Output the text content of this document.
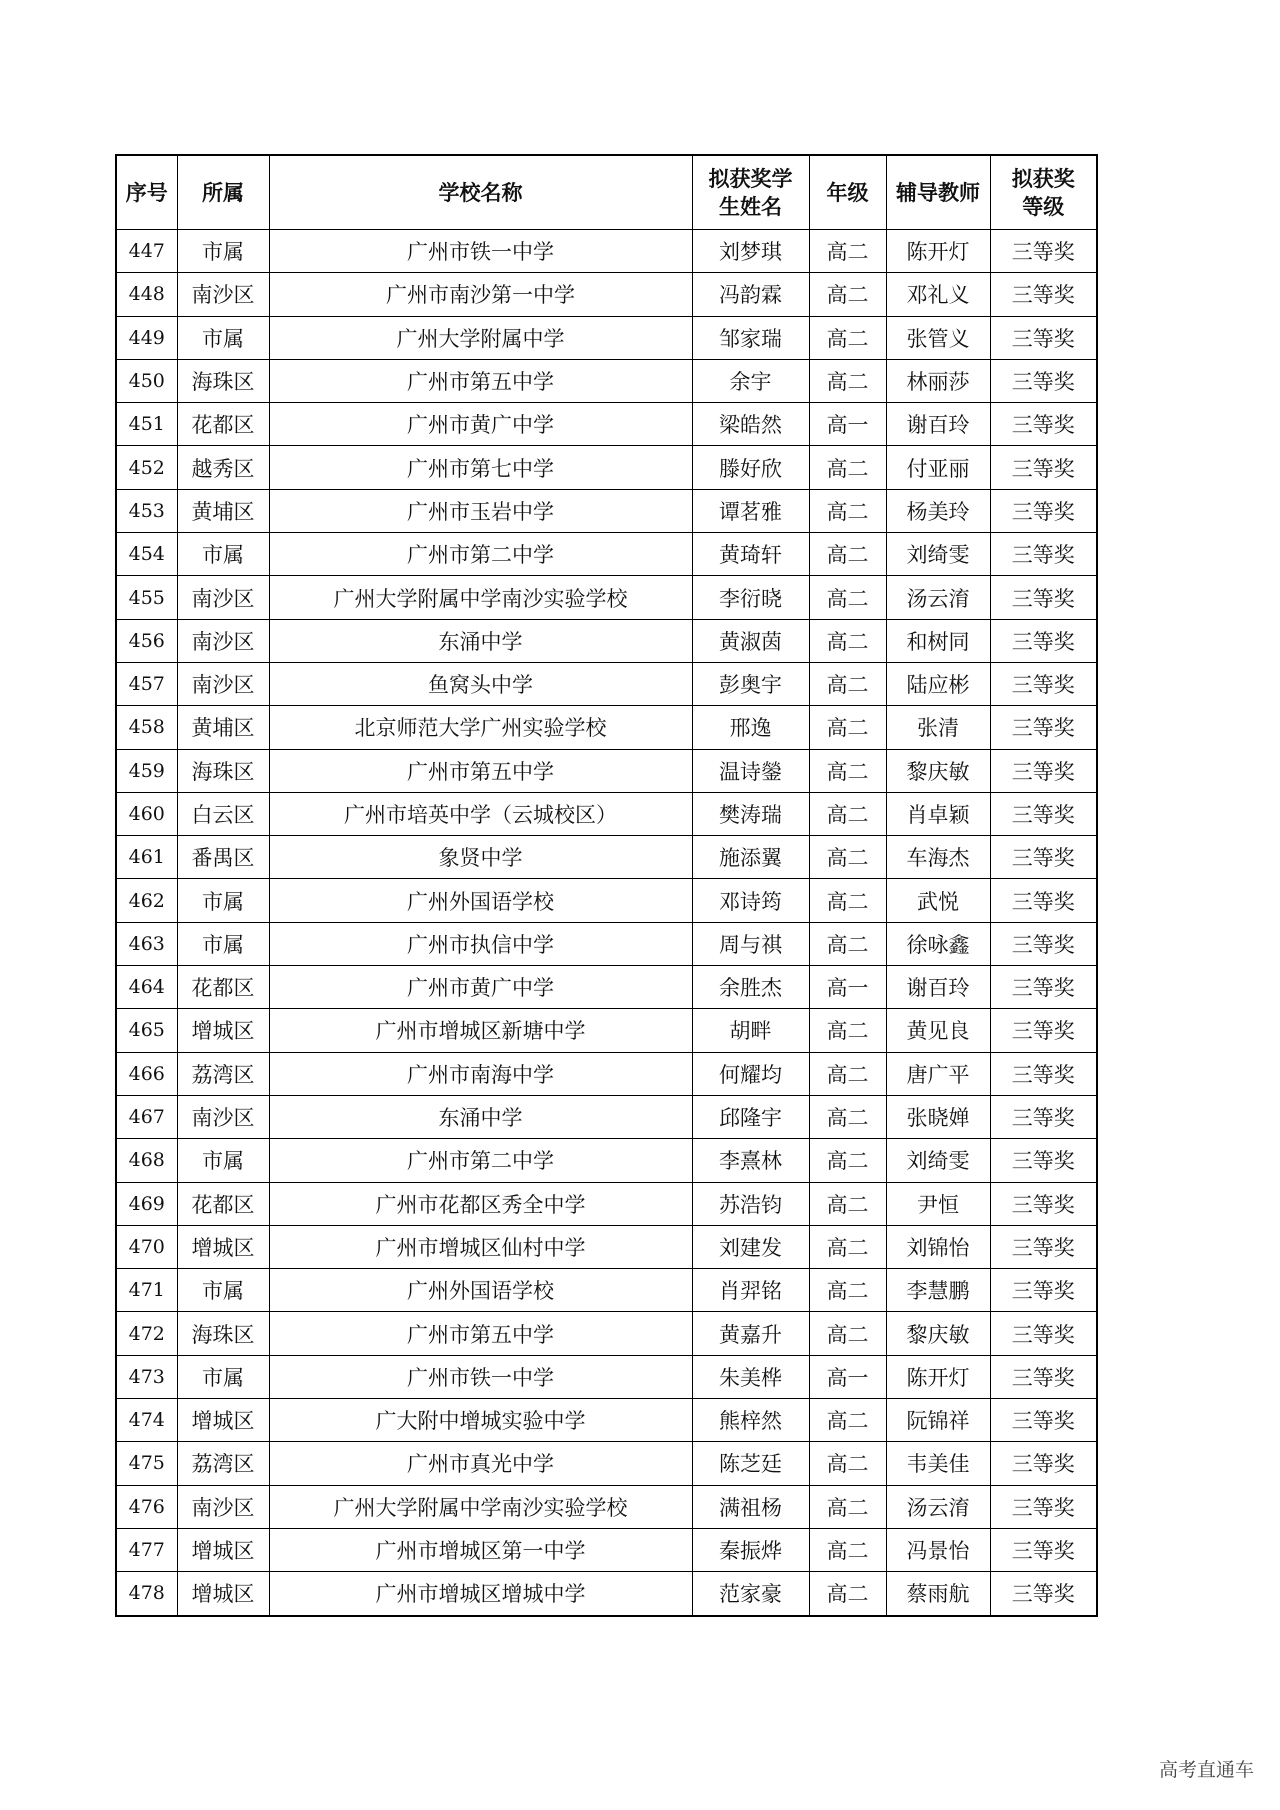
序号	所属	学校名称	拟获奖学生姓名	年级	辅导教师	拟获奖等级
447	市属	广州市铁一中学	刘梦琪	高二	陈开灯	三等奖
448	南沙区	广州市南沙第一中学	冯韵霖	高二	邓礼义	三等奖
449	市属	广州大学附属中学	邹家瑞	高二	张管义	三等奖
450	海珠区	广州市第五中学	余宇	高二	林丽莎	三等奖
451	花都区	广州市黄广中学	梁皓然	高一	谢百玲	三等奖
452	越秀区	广州市第七中学	滕好欣	高二	付亚丽	三等奖
453	黄埔区	广州市玉岩中学	谭茗雅	高二	杨美玲	三等奖
454	市属	广州市第二中学	黄琦轩	高二	刘绮雯	三等奖
455	南沙区	广州大学附属中学南沙实验学校	李衍晓	高二	汤云淯	三等奖
456	南沙区	东涌中学	黄淑茵	高二	和树同	三等奖
457	南沙区	鱼窝头中学	彭奥宇	高二	陆应彬	三等奖
458	黄埔区	北京师范大学广州实验学校	邢逸	高二	张清	三等奖
459	海珠区	广州市第五中学	温诗鎣	高二	黎庆敏	三等奖
460	白云区	广州市培英中学（云城校区）	樊涛瑞	高二	肖卓颖	三等奖
461	番禺区	象贤中学	施添翼	高二	车海杰	三等奖
462	市属	广州外国语学校	邓诗筠	高二	武悦	三等奖
463	市属	广州市执信中学	周与祺	高二	徐咏鑫	三等奖
464	花都区	广州市黄广中学	余胜杰	高一	谢百玲	三等奖
465	增城区	广州市增城区新塘中学	胡畔	高二	黄见良	三等奖
466	荔湾区	广州市南海中学	何耀均	高二	唐广平	三等奖
467	南沙区	东涌中学	邱隆宇	高二	张晓婵	三等奖
468	市属	广州市第二中学	李熹林	高二	刘绮雯	三等奖
469	花都区	广州市花都区秀全中学	苏浩钧	高二	尹恒	三等奖
470	增城区	广州市增城区仙村中学	刘建发	高二	刘锦怡	三等奖
471	市属	广州外国语学校	肖羿铭	高二	李慧鹏	三等奖
472	海珠区	广州市第五中学	黄嘉升	高二	黎庆敏	三等奖
473	市属	广州市铁一中学	朱美桦	高一	陈开灯	三等奖
474	增城区	广大附中增城实验中学	熊梓然	高二	阮锦祥	三等奖
475	荔湾区	广州市真光中学	陈芝廷	高二	韦美佳	三等奖
476	南沙区	广州大学附属中学南沙实验学校	满祖杨	高二	汤云淯	三等奖
477	增城区	广州市增城区第一中学	秦振烨	高二	冯景怡	三等奖
478	增城区	广州市增城区增城中学	范家豪	高二	蔡雨航	三等奖
高考直通车
